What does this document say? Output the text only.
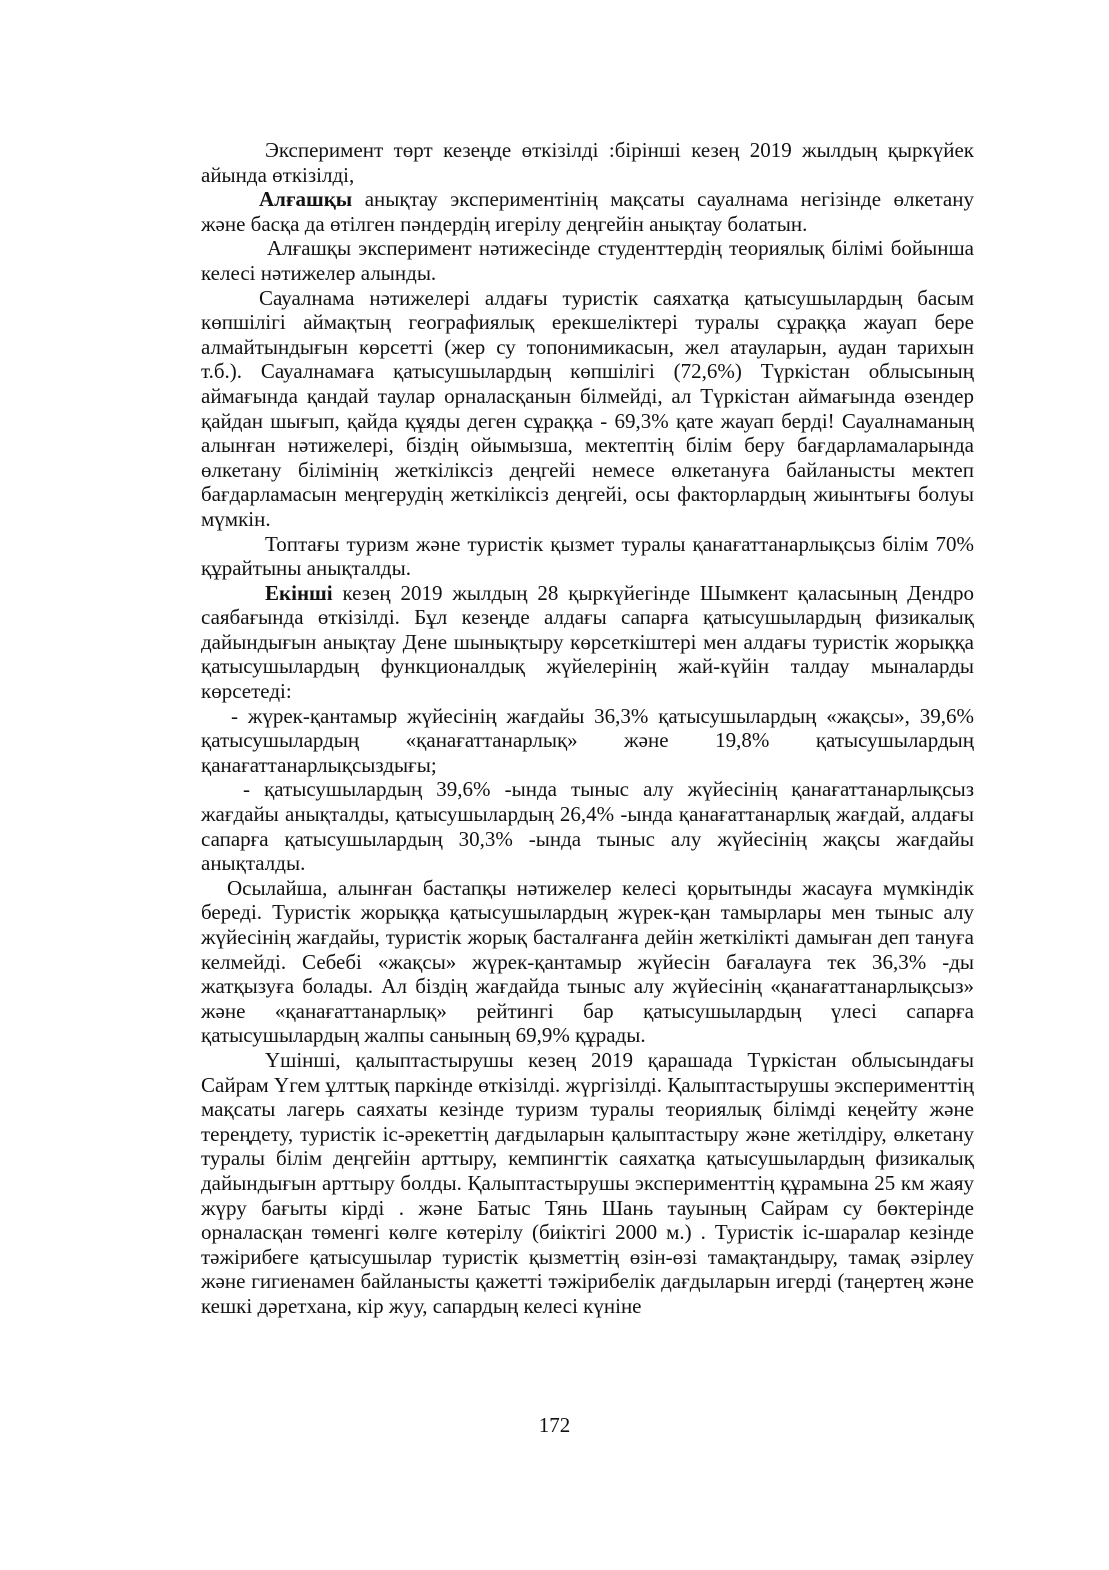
Эксперимент төрт кезеңде өткізілді :бірінші кезең 2019 жылдың қыркүйек айында өткізілді,

Алғашқы анықтау экспериментінің мақсаты сауалнама негізінде өлкетану және басқа да өтілген пәндердің игерілу деңгейін анықтау болатын.

Алғашқы эксперимент нәтижесінде студенттердің теориялық білімі бойынша келесі нәтижелер алынды.

Сауалнама нәтижелері алдағы туристік саяхатқа қатысушылардың басым көпшілігі аймақтың географиялық ерекшеліктері туралы сұраққа жауап бере алмайтындығын көрсетті (жер су топонимикасын, жел атауларын, аудан тарихын т.б.). Сауалнамаға қатысушылардың көпшілігі (72,6%) Түркістан облысының аймағында қандай таулар орналасқанын білмейді, ал Түркістан аймағында өзендер қайдан шығып, қайда құяды деген сұраққа - 69,3% қате жауап берді! Сауалнаманың алынған нәтижелері, біздің ойымызша, мектептің білім беру бағдарламаларында өлкетану білімінің жеткіліксіз деңгейі немесе өлкетануға байланысты мектеп бағдарламасын меңгерудің жеткіліксіз деңгейі, осы факторлардың жиынтығы болуы мүмкін.

Топтағы туризм және туристік қызмет туралы қанағаттанарлықсыз білім 70% құрайтыны анықталды.

Екінші кезең 2019 жылдың 28 қыркүйегінде Шымкент қаласының Дендро саябағында өткізілді. Бұл кезеңде алдағы сапарға қатысушылардың физикалық дайындығын анықтау Дене шынықтыру көрсеткіштері мен алдағы туристік жорыққа қатысушылардың функционалдық жүйелерінің жай-күйін талдау мыналарды көрсетеді:

- жүрек-қантамыр жүйесінің жағдайы 36,3% қатысушылардың «жақсы», 39,6% қатысушылардың «қанағаттанарлық» және 19,8% қатысушылардың қанағаттанарлықсыздығы;

- қатысушылардың 39,6% -ында тыныс алу жүйесінің қанағаттанарлықсыз жағдайы анықталды, қатысушылардың 26,4% -ында қанағаттанарлық жағдай, алдағы сапарға қатысушылардың 30,3% -ында тыныс алу жүйесінің жақсы жағдайы анықталды.

Осылайша, алынған бастапқы нәтижелер келесі қорытынды жасауға мүмкіндік береді. Туристік жорыққа қатысушылардың жүрек-қан тамырлары мен тыныс алу жүйесінің жағдайы, туристік жорық басталғанға дейін жеткілікті дамыған деп тануға келмейді. Себебі «жақсы» жүрек-қантамыр жүйесін бағалауға тек 36,3% -ды жатқызуға болады. Ал біздің жағдайда тыныс алу жүйесінің «қанағаттанарлықсыз» және «қанағаттанарлық» рейтингі бар қатысушылардың үлесі сапарға қатысушылардың жалпы санының 69,9% құрады.

Үшінші, қалыптастырушы кезең 2019 қарашада Түркістан облысындағы Сайрам Үгем ұлттық паркінде өткізілді. жүргізілді. Қалыптастырушы эксперименттің мақсаты лагерь саяхаты кезінде туризм туралы теориялық білімді кеңейту және тереңдету, туристік іс-әрекеттің дағдыларын қалыптастыру және жетілдіру, өлкетану туралы білім деңгейін арттыру, кемпингтік саяхатқа қатысушылардың физикалық дайындығын арттыру болды. Қалыптастырушы эксперименттің құрамына 25 км жаяу жүру бағыты кірді . және Батыс Тянь Шань тауының Сайрам су бөктерінде орналасқан төменгі көлге көтерілу (биіктігі 2000 м.) . Туристік іс-шаралар кезінде тәжірибеге қатысушылар туристік қызметтің өзін-өзі тамақтандыру, тамақ әзірлеу және гигиенамен байланысты қажетті тәжірибелік дағдыларын игерді (таңертең және кешкі дәретхана, кір жуу, сапардың келесі күніне

172
